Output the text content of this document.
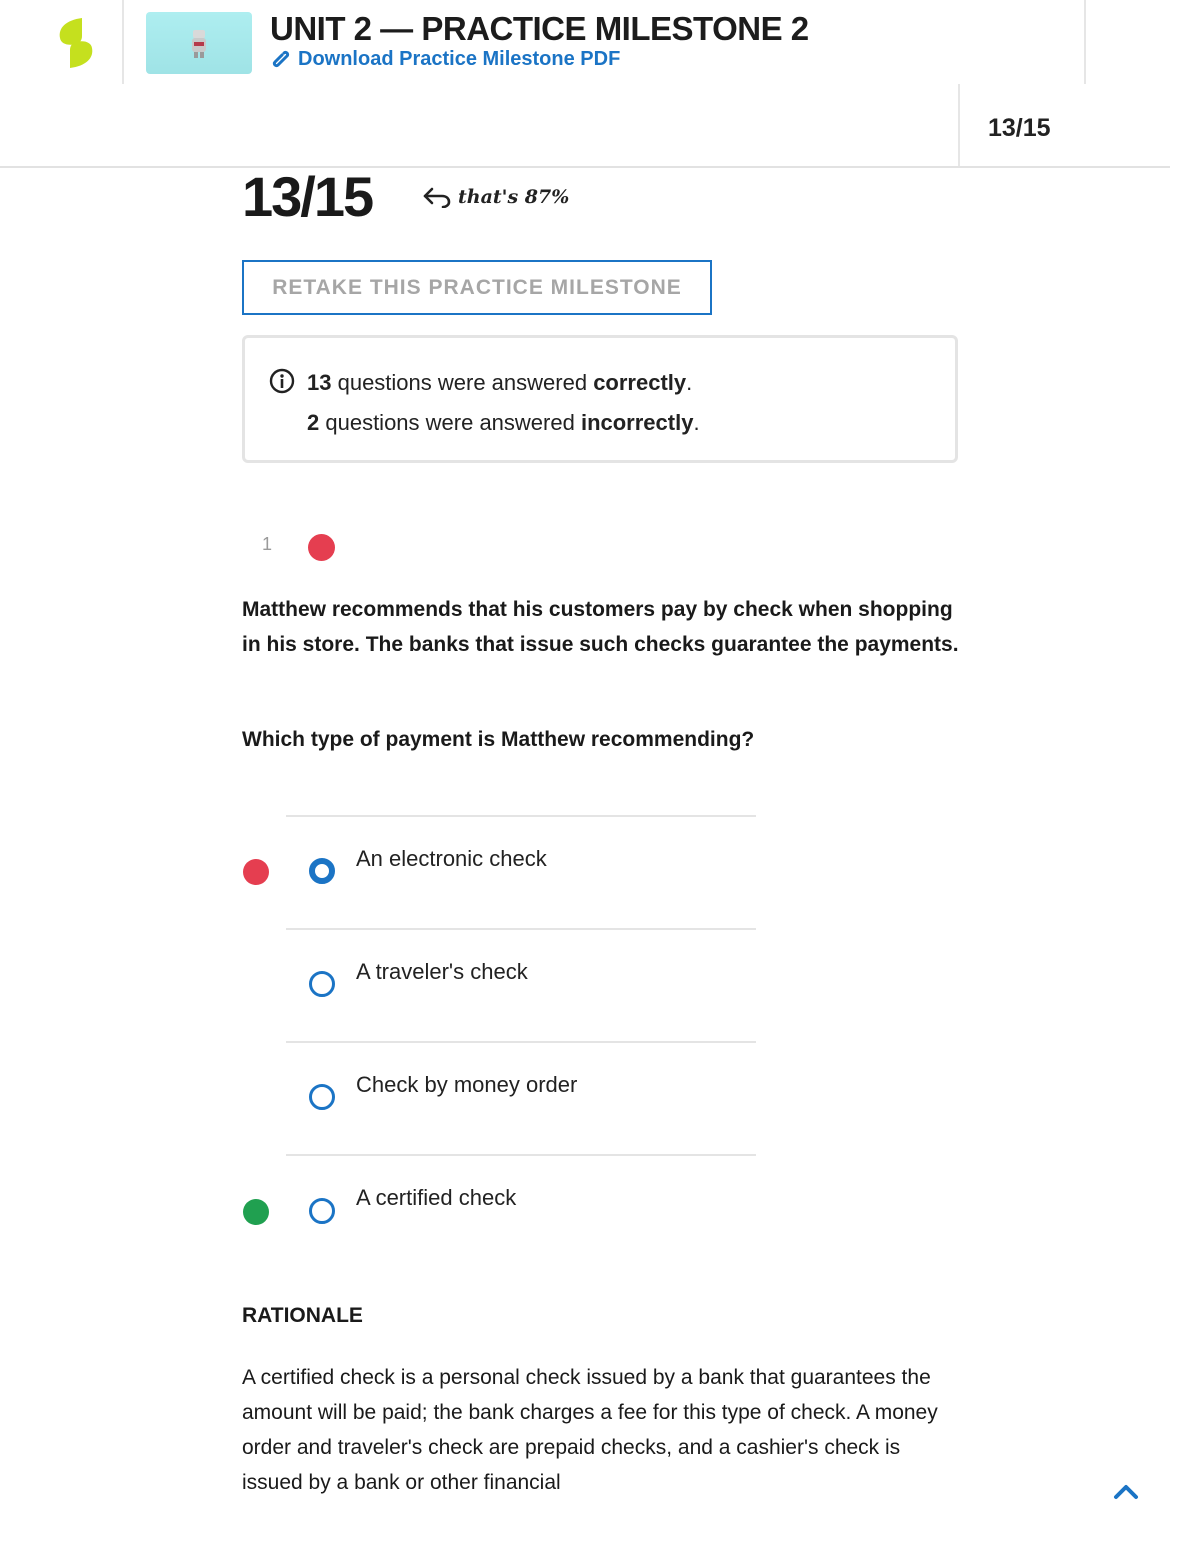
UNIT 2 — PRACTICE MILESTONE 2
Download Practice Milestone PDF
13/15
13/15	that's 87%
RETAKE THIS PRACTICE MILESTONE
13 questions were answered correctly.
2 questions were answered incorrectly.
1
Matthew recommends that his customers pay by check when shopping in his store. The banks that issue such checks guarantee the payments.
Which type of payment is Matthew recommending?
An electronic check
A traveler's check
Check by money order
A certified check
RATIONALE
A certified check is a personal check issued by a bank that guarantees the amount will be paid; the bank charges a fee for this type of check. A money order and traveler's check are prepaid checks, and a cashier's check is issued by a bank or other financial
